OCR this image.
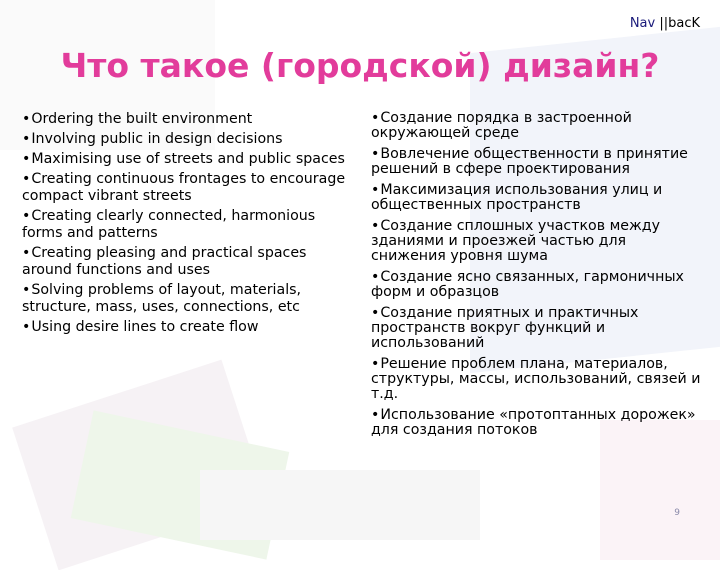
Nav ||bacK
Что такое (городской) дизайн?
• Ordering the built environment
• Involving public in design decisions
• Maximising use of streets and public spaces
• Creating continuous frontages to encourage compact vibrant streets
• Creating clearly connected, harmonious forms and patterns
• Creating pleasing and practical spaces around functions and uses
• Solving problems of layout, materials, structure, mass, uses, connections, etc
• Using desire lines to create flow
• Создание порядка в застроенной окружающей среде
• Вовлечение общественности в принятие решений в сфере проектирования
• Максимизация использования улиц и общественных пространств
• Создание сплошных участков между зданиями и проезжей частью для снижения уровня шума
• Создание ясно связанных, гармоничных форм и образцов
• Создание приятных и практичных пространств вокруг функций и использований
• Решение проблем плана, материалов, структуры, массы, использований, связей и т.д.
• Использование «протоптанных дорожек» для создания потоков
9
